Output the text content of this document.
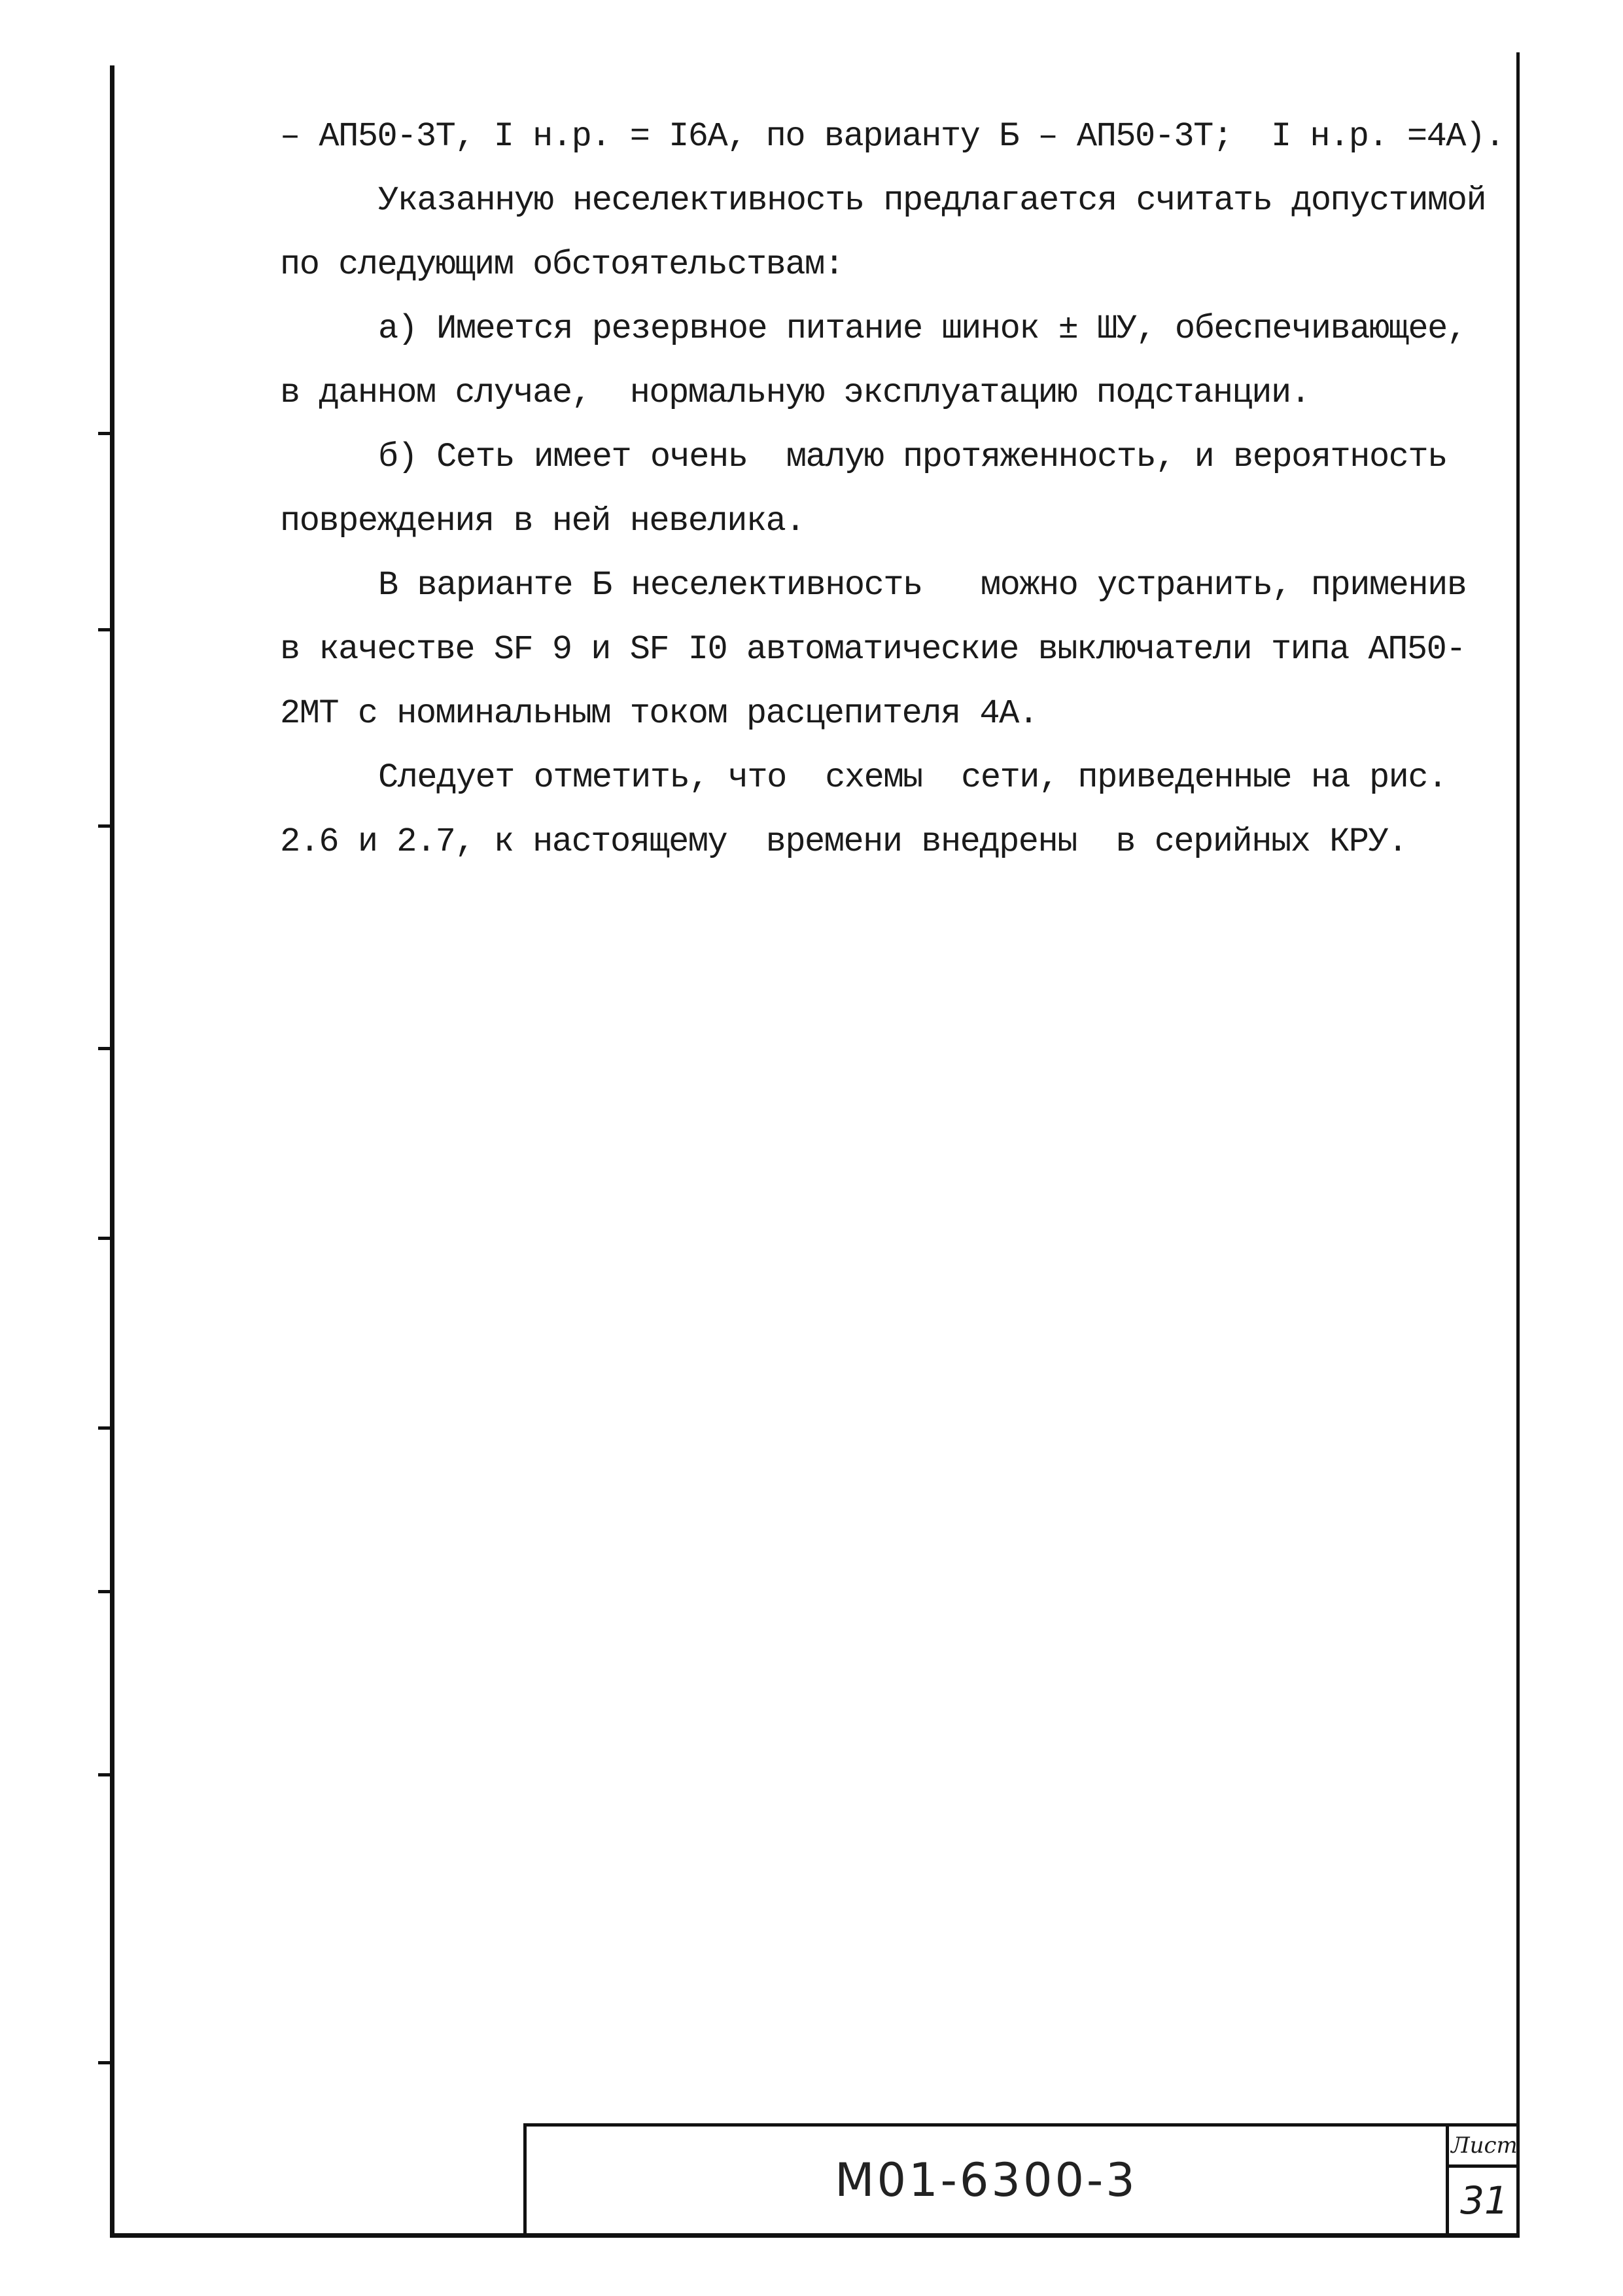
– АП50-3Т, I н.р. = I6А, по варианту Б – АП50-3Т;  I н.р. =4А).
Указанную неселективность предлагается считать допустимой
по следующим обстоятельствам:
а) Имеется резервное питание шинок ± ШУ, обеспечивающее,
в данном случае,  нормальную эксплуатацию подстанции.
б) Сеть имеет очень  малую протяженность, и вероятность
повреждения в ней невелика.
В варианте Б неселективность   можно устранить, применив
в качестве SF 9 и SF I0 автоматические выключатели типа АП50-
2МТ с номинальным током расцепителя 4А.
Следует отметить, что  схемы  сети, приведенные на рис.
2.6 и 2.7, к настоящему  времени внедрены  в серийных КРУ.
М01-6300-3
Лист
31
